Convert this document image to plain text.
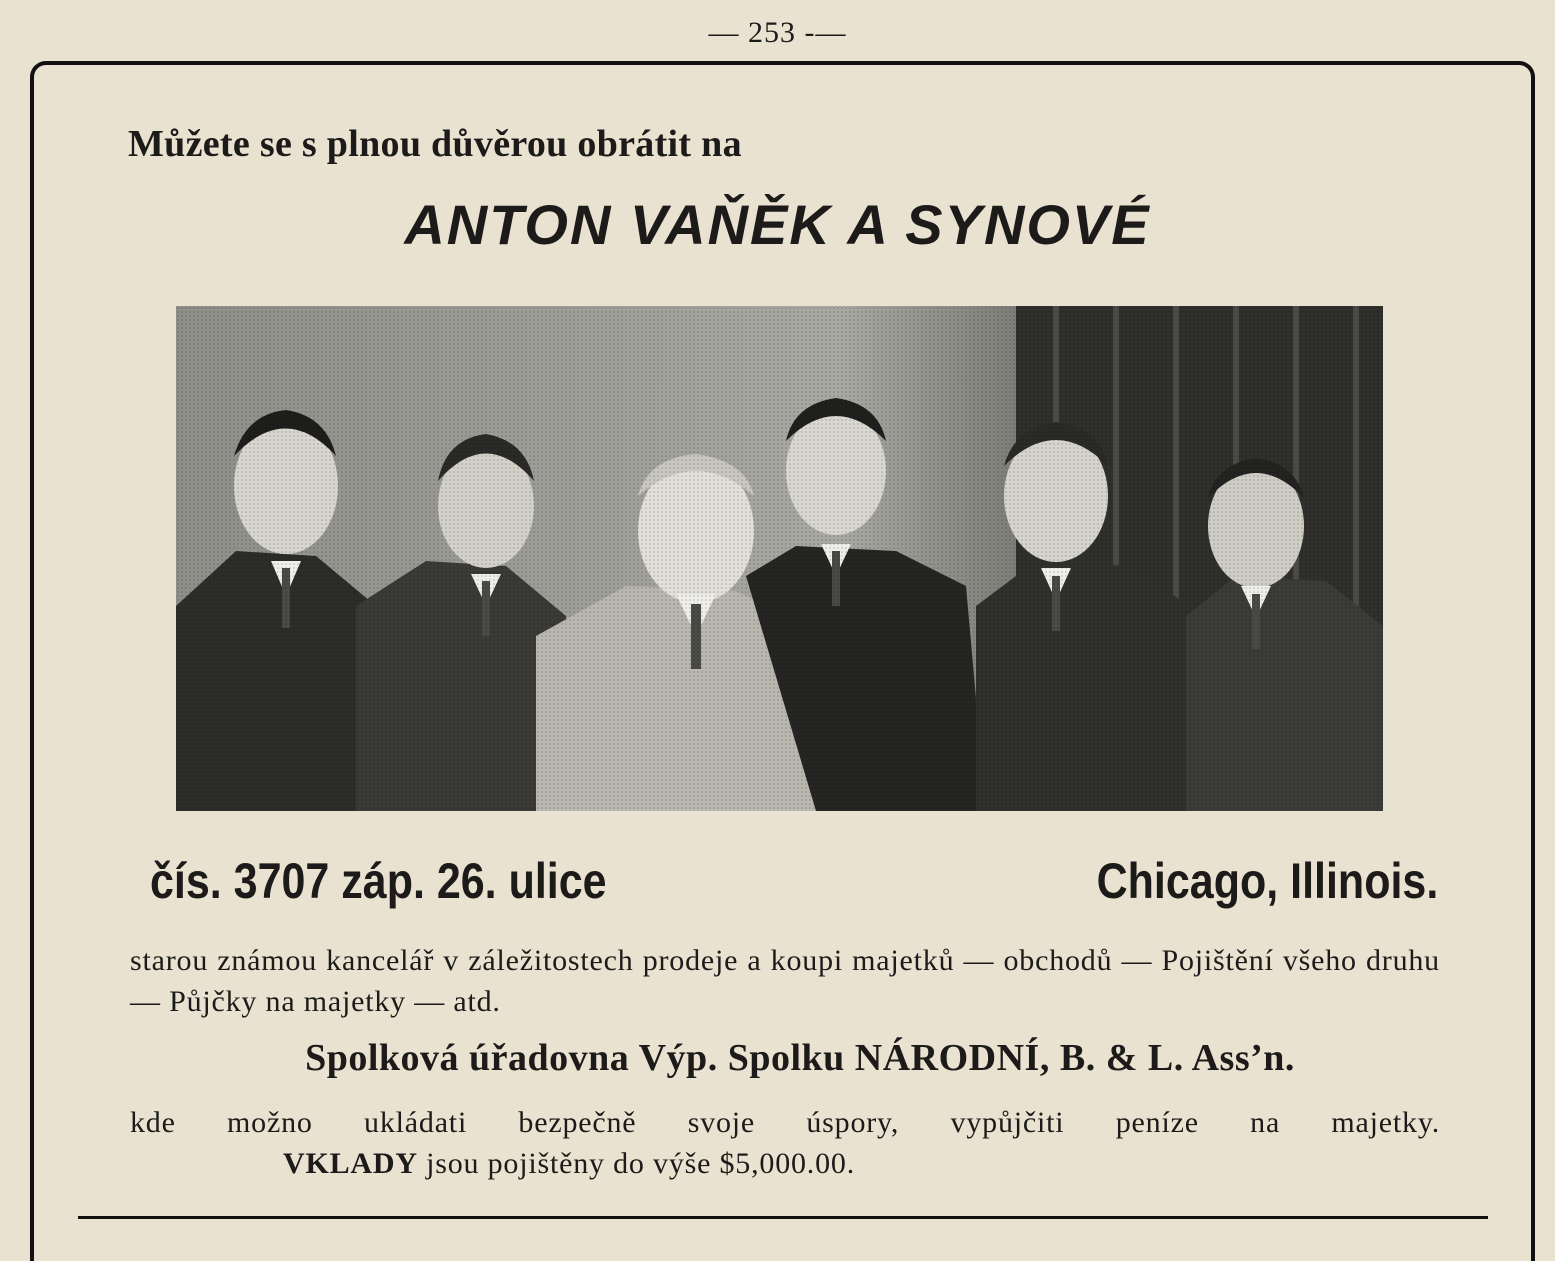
— 253 -—
Můžete se s plnou důvěrou obrátit na
ANTON VAŇĚK A SYNOVÉ
čís. 3707 záp. 26. ulice	Chicago, Illinois.
starou známou kancelář v záležitostech prodeje a koupi majetků — obchodů — Pojištění všeho druhu — Půjčky na majetky — atd.
Spolková úřadovna Výp. Spolku NÁRODNÍ, B. & L. Ass’n.
kde možno ukládati bezpečně svoje úspory, vypůjčiti peníze na majetky.
VKLADY jsou pojištěny do výše $5,000.00.
